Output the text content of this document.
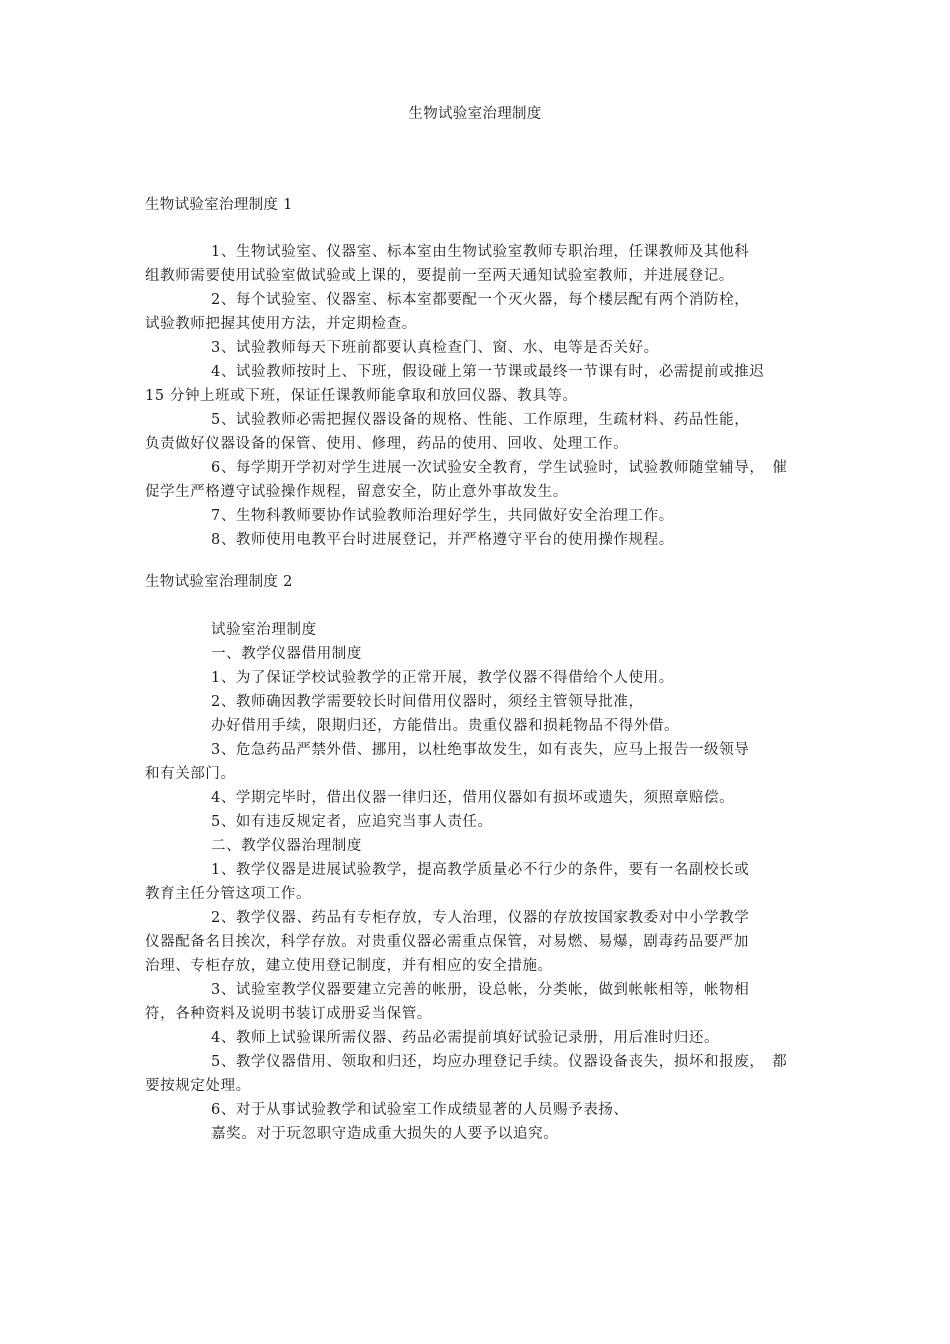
生物试验室治理制度
生物试验室治理制度 1

1、生物试验室、仪器室、标本室由生物试验室教师专职治理，任课教师及其他科
组教师需要使用试验室做试验或上课的，要提前一至两天通知试验室教师，并进展登记。

2、每个试验室、仪器室、标本室都要配一个灭火器，每个楼层配有两个消防栓，
试验教师把握其使用方法，并定期检查。

3、试验教师每天下班前都要认真检查门、窗、水、电等是否关好。

4、试验教师按时上、下班，假设碰上第一节课或最终一节课有时，必需提前或推迟
15 分钟上班或下班，保证任课教师能拿取和放回仪器、教具等。

5、试验教师必需把握仪器设备的规格、性能、工作原理，生疏材料、药品性能，
负责做好仪器设备的保管、使用、修理，药品的使用、回收、处理工作。

6、每学期开学初对学生进展一次试验安全教育，学生试验时，试验教师随堂辅导，　催
促学生严格遵守试验操作规程，留意安全，防止意外事故发生。

7、生物科教师要协作试验教师治理好学生，共同做好安全治理工作。

8、教师使用电教平台时进展登记，并严格遵守平台的使用操作规程。

生物试验室治理制度 2

试验室治理制度

一、教学仪器借用制度

1、为了保证学校试验教学的正常开展，教学仪器不得借给个人使用。

2、教师确因教学需要较长时间借用仪器时，须经主管领导批准，

办好借用手续，限期归还，方能借出。贵重仪器和损耗物品不得外借。

3、危急药品严禁外借、挪用，以杜绝事故发生，如有丧失，应马上报告一级领导
和有关部门。

4、学期完毕时，借出仪器一律归还，借用仪器如有损坏或遗失，须照章赔偿。

5、如有违反规定者，应追究当事人责任。

二、教学仪器治理制度

1、教学仪器是进展试验教学，提高教学质量必不行少的条件，要有一名副校长或
教育主任分管这项工作。

2、教学仪器、药品有专柜存放，专人治理，仪器的存放按国家教委对中小学教学
仪器配备名目挨次，科学存放。对贵重仪器必需重点保管，对易燃、易爆，剧毒药品要严加
治理、专柜存放，建立使用登记制度，并有相应的安全措施。

3、试验室教学仪器要建立完善的帐册，设总帐，分类帐，做到帐帐相等，帐物相
符，各种资料及说明书装订成册妥当保管。

4、教师上试验课所需仪器、药品必需提前填好试验记录册，用后准时归还。

5、教学仪器借用、领取和归还，均应办理登记手续。仪器设备丧失，损坏和报废，　都
要按规定处理。

6、对于从事试验教学和试验室工作成绩显著的人员赐予表扬、

嘉奖。对于玩忽职守造成重大损失的人要予以追究。
